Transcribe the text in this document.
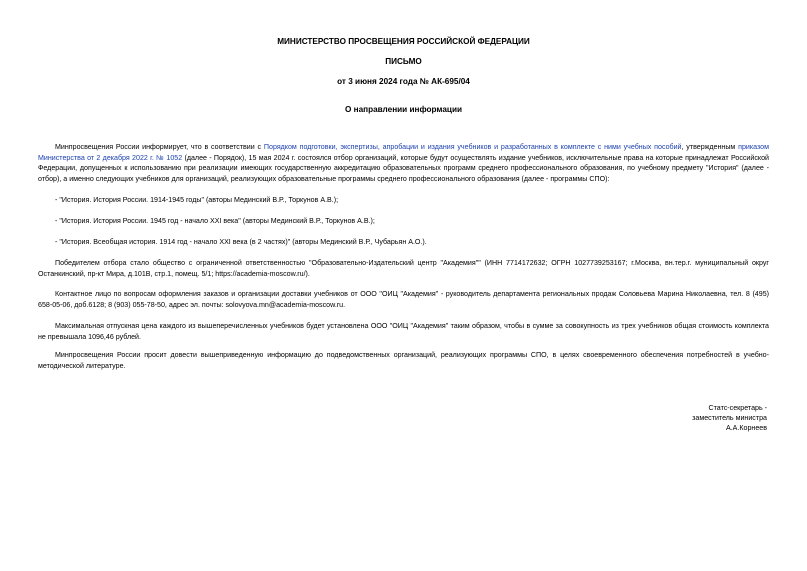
МИНИСТЕРСТВО ПРОСВЕЩЕНИЯ РОССИЙСКОЙ ФЕДЕРАЦИИ
ПИСЬМО
от 3 июня 2024 года № АК-695/04
О направлении информации
Минпросвещения России информирует, что в соответствии с Порядком подготовки, экспертизы, апробации и издания учебников и разработанных в комплекте с ними учебных пособий, утвержденным приказом Министерства от 2 декабря 2022 г. № 1052 (далее - Порядок), 15 мая 2024 г. состоялся отбор организаций, которые будут осуществлять издание учебников, исключительные права на которые принадлежат Российской Федерации, допущенных к использованию при реализации имеющих государственную аккредитацию образовательных программ среднего профессионального образования, по учебному предмету "История" (далее - отбор), а именно следующих учебников для организаций, реализующих образовательные программы среднего профессионального образования (далее - программы СПО):
- "История. История России. 1914-1945 годы" (авторы Мединский В.Р., Торкунов А.В.);
- "История. История России. 1945 год - начало XXI века" (авторы Мединский В.Р., Торкунов А.В.);
- "История. Всеобщая история. 1914 год - начало XXI века (в 2 частях)" (авторы Мединский В.Р., Чубарьян А.О.).
Победителем отбора стало общество с ограниченной ответственностью "Образовательно-Издательский центр "Академия"" (ИНН 7714172632; ОГРН 1027739253167; г.Москва, вн.тер.г. муниципальный округ Останкинский, пр-кт Мира, д.101В, стр.1, помещ. 5/1; https://academia-moscow.ru/).
Контактное лицо по вопросам оформления заказов и организации доставки учебников от ООО "ОИЦ "Академия" - руководитель департамента региональных продаж Соловьева Марина Николаевна, тел. 8 (495) 658-05-06, доб.6128; 8 (903) 055-78-50, адрес эл. почты: solovyova.mn@academia-moscow.ru.
Максимальная отпускная цена каждого из вышеперечисленных учебников будет установлена ООО "ОИЦ "Академия" таким образом, чтобы в сумме за совокупность из трех учебников общая стоимость комплекта не превышала 1096,46 рублей.
Минпросвещения России просит довести вышеприведенную информацию до подведомственных организаций, реализующих программы СПО, в целях своевременного обеспечения потребностей в учебно-методической литературе.
Статс-секретарь -
заместитель министра
А.А.Корнеев
